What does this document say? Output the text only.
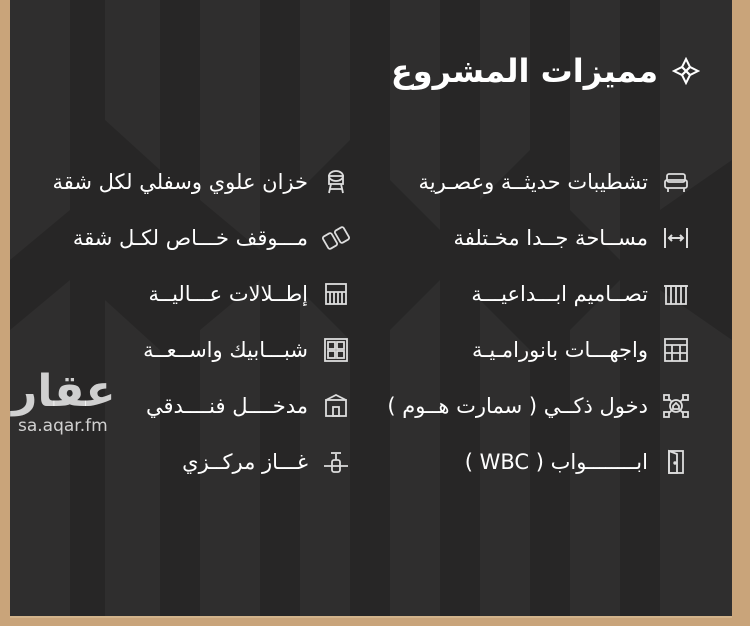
مميزات المشروع
تشطيبات حديثــة وعصـرية
مســاحة جــدا مخـتلفة
تصــاميم ابـــداعيـــة
واجهـــات بانورامـيـة
دخول ذكــي ( سمارت هــوم )
ابــــــــواب ( WBC )
خزان علوي وسفلي لكل شقة
مـــوقف خـــاص لكـل شقة
إطــلالات عـــاليــة
شبـــابيك واســعــة
مدخــــل فنــــدقي
غـــاز مركــزي
عقار
sa.aqar.fm
